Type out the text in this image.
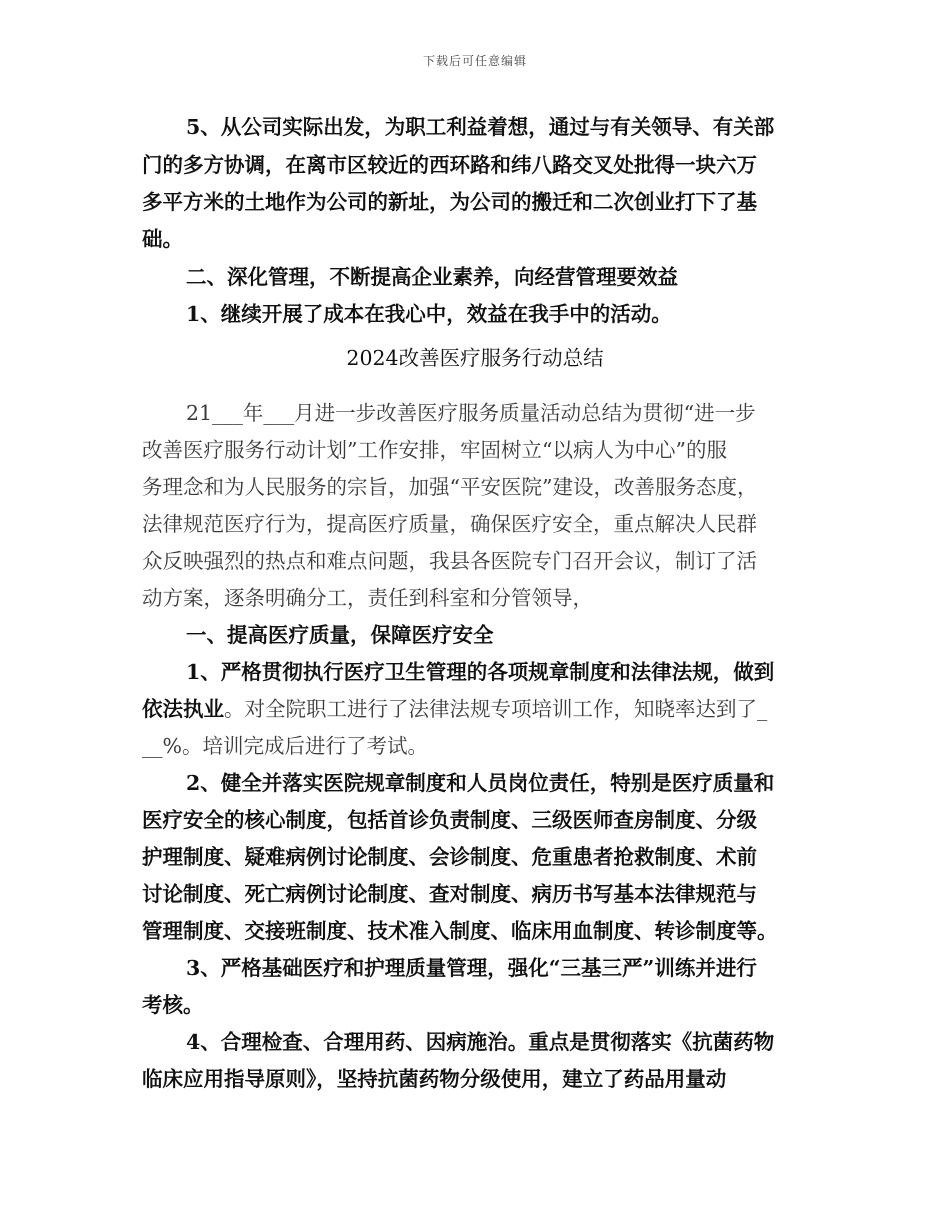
下载后可任意编辑
5、从公司实际出发，为职工利益着想，通过与有关领导、有关部
门的多方协调，在离市区较近的西环路和纬八路交叉处批得一块六万
多平方米的土地作为公司的新址，为公司的搬迁和二次创业打下了基
础。
二、深化管理，不断提高企业素养，向经营管理要效益
1、继续开展了成本在我心中，效益在我手中的活动。
2024改善医疗服务行动总结
21___年___月进一步改善医疗服务质量活动总结为贯彻“进一步
改善医疗服务行动计划”工作安排，牢固树立“以病人为中心”的服
务理念和为人民服务的宗旨，加强“平安医院”建设，改善服务态度，
法律规范医疗行为，提高医疗质量，确保医疗安全，重点解决人民群
众反映强烈的热点和难点问题，我县各医院专门召开会议，制订了活
动方案，逐条明确分工，责任到科室和分管领导，
一、提高医疗质量，保障医疗安全
1、严格贯彻执行医疗卫生管理的各项规章制度和法律法规，做到
依法执业。对全院职工进行了法律法规专项培训工作，知晓率达到了_
__%。培训完成后进行了考试。
2、健全并落实医院规章制度和人员岗位责任，特别是医疗质量和
医疗安全的核心制度，包括首诊负责制度、三级医师查房制度、分级
护理制度、疑难病例讨论制度、会诊制度、危重患者抢救制度、术前
讨论制度、死亡病例讨论制度、查对制度、病历书写基本法律规范与
管理制度、交接班制度、技术准入制度、临床用血制度、转诊制度等。
3、严格基础医疗和护理质量管理，强化“三基三严”训练并进行
考核。
4、合理检查、合理用药、因病施治。重点是贯彻落实《抗菌药物
临床应用指导原则》，坚持抗菌药物分级使用，建立了药品用量动
